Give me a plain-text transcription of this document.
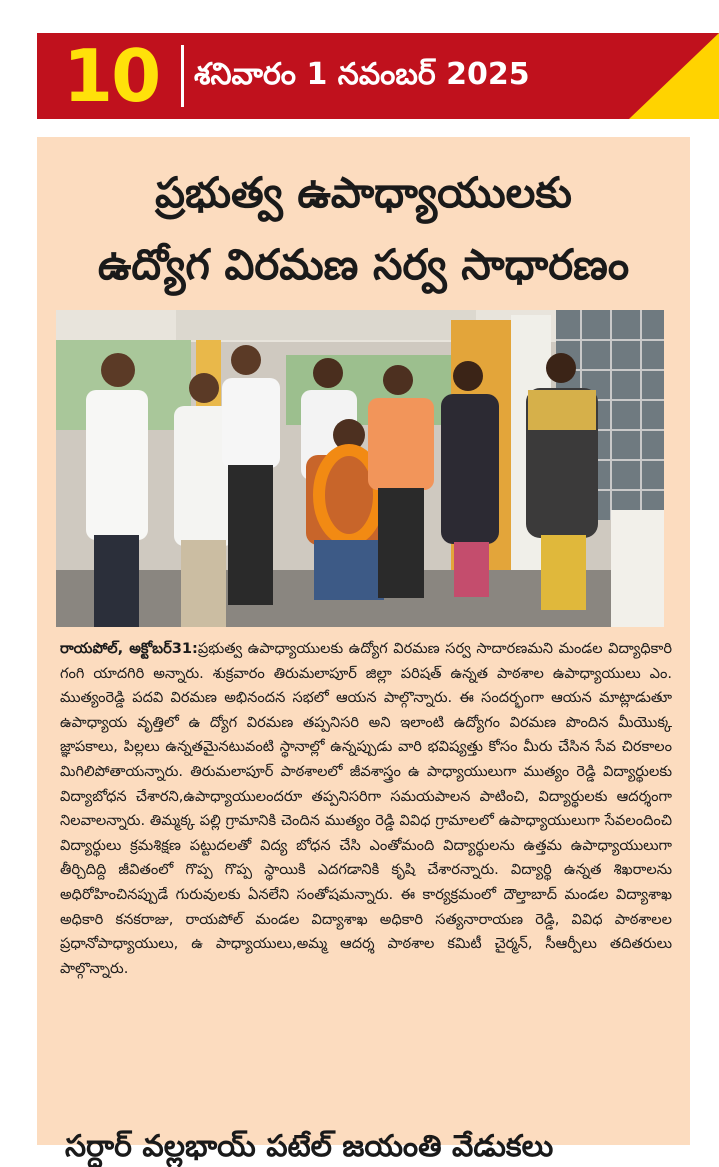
10 శనివారం 1 నవంబర్ 2025
ప్రభుత్వ ఉపాధ్యాయులకు
ఉద్యోగ విరమణ సర్వ సాధారణం
రాయపోల్, అక్టోబర్31:ప్రభుత్వ ఉపాధ్యాయులకు ఉద్యోగ విరమణ సర్వ సాదారణమని మండల విద్యాధికారి గంగి యాదగిరి అన్నారు. శుక్రవారం తిరుమలాపూర్ జిల్లా పరిషత్ ఉన్నత పాఠశాల ఉపాధ్యాయులు ఎం. ముత్యంరెడ్డి పదవి విరమణ అభినందన సభలో ఆయన పాల్గొన్నారు. ఈ సందర్భంగా ఆయన మాట్లాడుతూ ఉపాధ్యాయ వృత్తిలో ఉ ద్యోగ విరమణ తప్పనిసరి అని ఇలాంటి ఉద్యోగం విరమణ పొందిన మీయొక్క జ్ఞాపకాలు, పిల్లలు ఉన్నతమైనటువంటి స్థానాల్లో ఉన్నప్పుడు వారి భవిష్యత్తు కోసం మీరు చేసిన సేవ చిరకాలం మిగిలిపోతాయన్నారు. తిరుమలాపూర్ పాఠశాలలో జీవశాస్త్రం ఉ పాధ్యాయులుగా ముత్యం రెడ్డి విద్యార్థులకు విద్యాబోధన చేశారని,ఉపాధ్యాయులందరూ తప్పనిసరిగా సమయపాలన పాటించి, విద్యార్థులకు ఆదర్శంగా నిలవాలన్నారు. తిమ్మక్క పల్లి గ్రామానికి చెందిన ముత్యం రెడ్డి వివిధ గ్రామాలలో ఉపాధ్యాయులుగా సేవలందించి విద్యార్థులు క్రమశిక్షణ పట్టుదలతో విద్య బోధన చేసి ఎంతోమంది విద్యార్థులను ఉత్తమ ఉపాధ్యాయులుగా తీర్చిదిద్ది జీవితంలో గొప్ప గొప్ప స్థాయికి ఎదగడానికి కృషి చేశారన్నారు. విద్యార్థి ఉన్నత శిఖరాలను అధిరోహించినప్పుడే గురువులకు ఏనలేని సంతోషమన్నారు. ఈ కార్యక్రమంలో దౌల్తాబాద్ మండల విద్యాశాఖ అధికారి కనకరాజు, రాయపోల్ మండల విద్యాశాఖ అధికారి సత్యనారాయణ రెడ్డి, వివిధ పాఠశాలల ప్రధానోపాధ్యాయులు, ఉ పాధ్యాయులు,అమ్మ ఆదర్శ పాఠశాల కమిటీ చైర్మన్, సీఆర్పీలు తదితరులు పాల్గొన్నారు.
సర్దార్ వల్లభాయ్ పటేల్ జయంతి వేడుకలు
